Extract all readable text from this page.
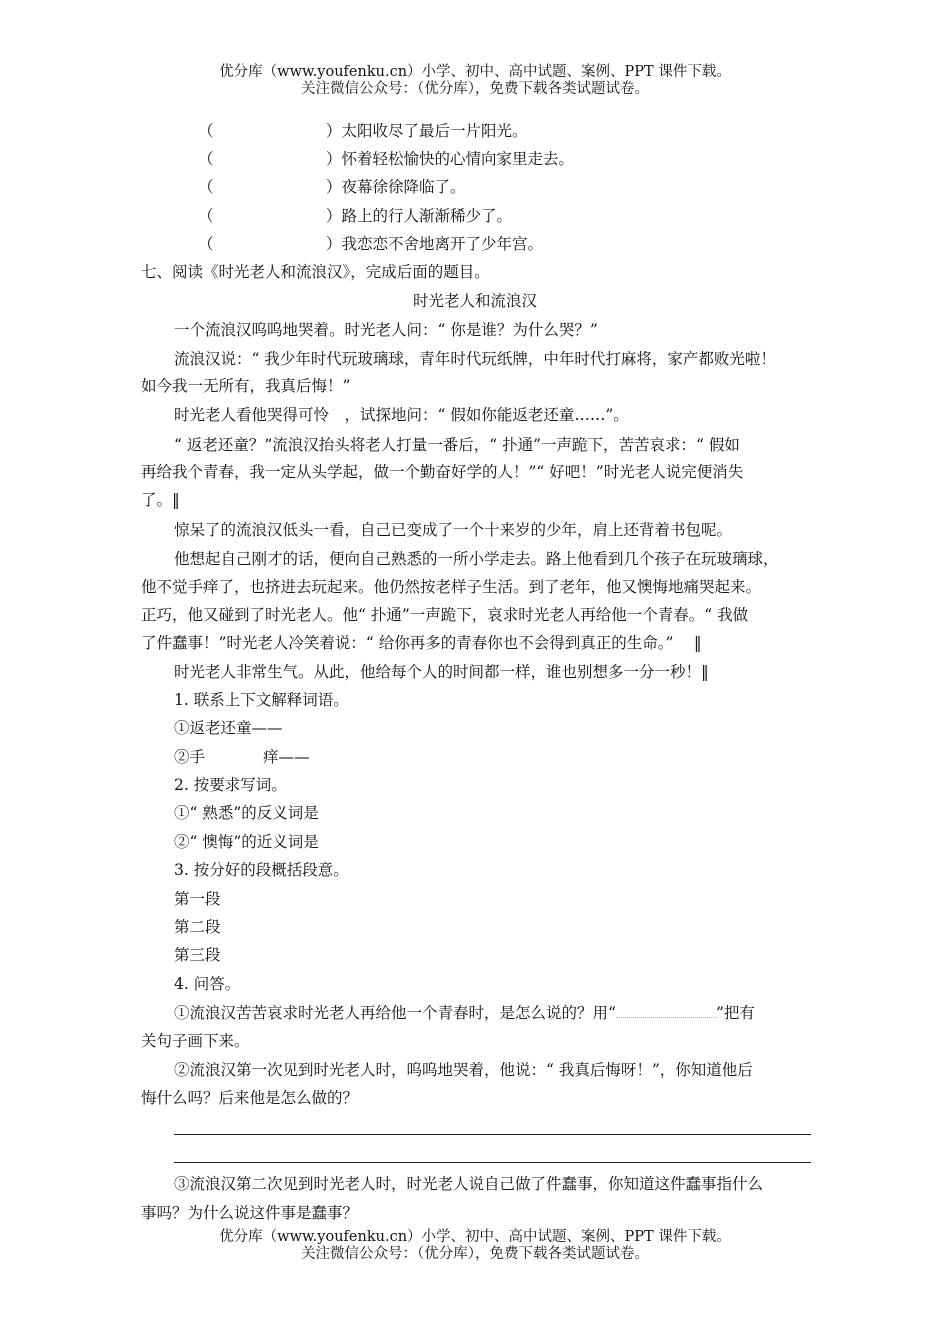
优分库（www.youfenku.cn）小学、初中、高中试题、案例、PPT 课件下载。
关注微信公众号：（优分库），免费下载各类试题试卷。
（	）太阳收尽了最后一片阳光。
（	）怀着轻松愉快的心情向家里走去。
（	）夜幕徐徐降临了。
（	）路上的行人渐渐稀少了。
（	）我恋恋不舍地离开了少年宫。
七、阅读《时光老人和流浪汉》，完成后面的题目。
时光老人和流浪汉
一个流浪汉呜呜地哭着。时光老人问：“ 你是谁？为什么哭？”
流浪汉说：“ 我少年时代玩玻璃球，青年时代玩纸牌，中年时代打麻将，家产都败光啦！
如今我一无所有，我真后悔！”
时光老人看他哭得可怜　，试探地问：“ 假如你能返老还童……”。
“ 返老还童？”流浪汉抬头将老人打量一番后，“ 扑通”一声跪下，苦苦哀求：“ 假如
再给我个青春，我一定从头学起，做一个勤奋好学的人！”“ 好吧！”时光老人说完便消失
了。‖
惊呆了的流浪汉低头一看，自己已变成了一个十来岁的少年，肩上还背着书包呢。
他想起自己刚才的话，便向自己熟悉的一所小学走去。路上他看到几个孩子在玩玻璃球，
他不觉手痒了，也挤进去玩起来。他仍然按老样子生活。到了老年，他又懊悔地痛哭起来。
正巧，他又碰到了时光老人。他“ 扑通”一声跪下，哀求时光老人再给他一个青春。“ 我做
了件蠢事！”时光老人冷笑着说：“ 给你再多的青春你也不会得到真正的生命。”　 ‖
时光老人非常生气。从此，他给每个人的时间都一样，谁也别想多一分一秒！‖
1. 联系上下文解释词语。
①返老还童——
②手	痒——
2. 按要求写词。
①“ 熟悉”的反义词是
②“ 懊悔”的近义词是
3. 按分好的段概括段意。
第一段
第二段
第三段
4. 问答。
①流浪汉苦苦哀求时光老人再给他一个青春时，是怎么说的？用“	”把有
关句子画下来。
②流浪汉第一次见到时光老人时，呜呜地哭着，他说：“ 我真后悔呀！”，你知道他后
悔什么吗？后来他是怎么做的？
③流浪汉第二次见到时光老人时，时光老人说自己做了件蠢事，你知道这件蠢事指什么
事吗？为什么说这件事是蠢事？
优分库（www.youfenku.cn）小学、初中、高中试题、案例、PPT 课件下载。
关注微信公众号：（优分库），免费下载各类试题试卷。
